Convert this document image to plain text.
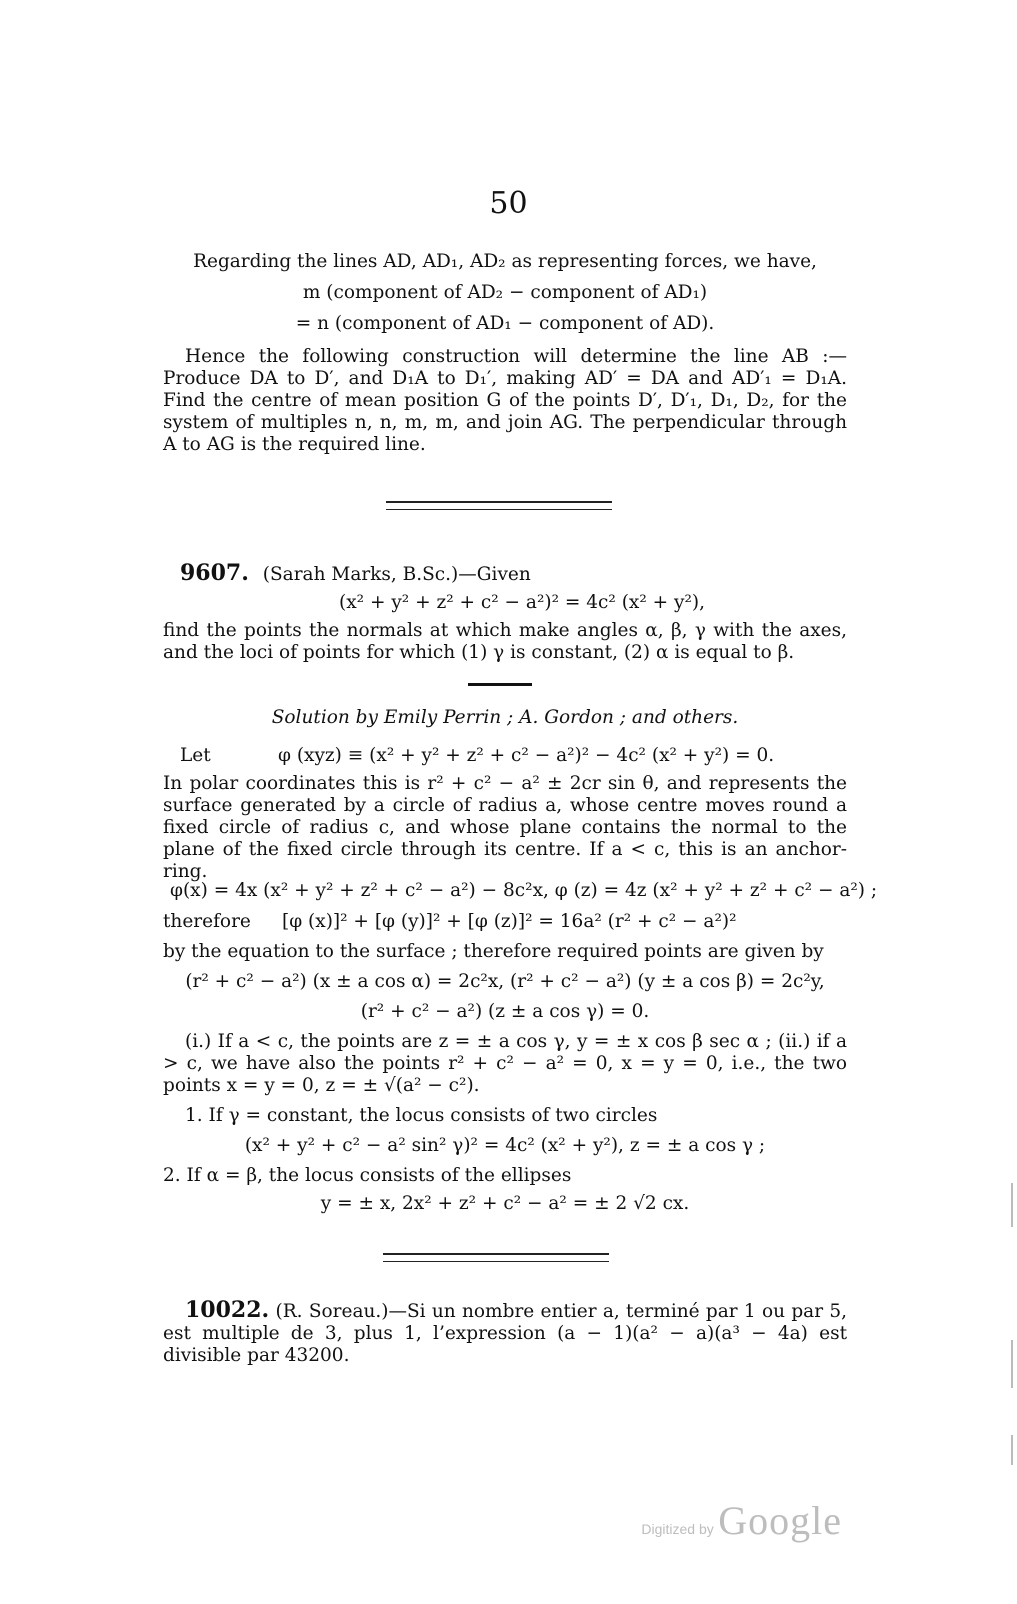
50
Regarding the lines AD, AD₁, AD₂ as representing forces, we have,
m (component of AD₂ − component of AD₁)
= n (component of AD₁ − component of AD).
Hence the following construction will determine the line AB :—Produce DA to D′, and D₁A to D₁′, making AD′ = DA and AD′₁ = D₁A. Find the centre of mean position G of the points D′, D′₁, D₁, D₂, for the system of multiples n, n, m, m, and join AG. The perpendicular through A to AG is the required line.
9607. (Sarah Marks, B.Sc.)—Given
(x² + y² + z² + c² − a²)² = 4c² (x² + y²),
find the points the normals at which make angles α, β, γ with the axes, and the loci of points for which (1) γ is constant, (2) α is equal to β.
Solution by Emily Perrin ; A. Gordon ; and others.
Let	φ (xyz) ≡ (x² + y² + z² + c² − a²)² − 4c² (x² + y²) = 0.
In polar coordinates this is r² + c² − a² ± 2cr sin θ, and represents the surface generated by a circle of radius a, whose centre moves round a fixed circle of radius c, and whose plane contains the normal to the plane of the fixed circle through its centre. If a < c, this is an anchor-ring.
φ(x) = 4x (x² + y² + z² + c² − a²) − 8c²x, φ (z) = 4z (x² + y² + z² + c² − a²) ;
therefore [φ (x)]² + [φ (y)]² + [φ (z)]² = 16a² (r² + c² − a²)²
by the equation to the surface ; therefore required points are given by
(r² + c² − a²) (x ± a cos α) = 2c²x, (r² + c² − a²) (y ± a cos β) = 2c²y,
(r² + c² − a²) (z ± a cos γ) = 0.
(i.) If a < c, the points are z = ± a cos γ, y = ± x cos β sec α ; (ii.) if a > c, we have also the points r² + c² − a² = 0, x = y = 0, i.e., the two points x = y = 0, z = ± √(a² − c²).
1. If γ = constant, the locus consists of two circles
(x² + y² + c² − a² sin² γ)² = 4c² (x² + y²), z = ± a cos γ ;
2. If α = β, the locus consists of the ellipses
y = ± x, 2x² + z² + c² − a² = ± 2 √2 cx.
10022. (R. Soreau.)—Si un nombre entier a, terminé par 1 ou par 5, est multiple de 3, plus 1, l’expression (a − 1)(a² − a)(a³ − 4a) est divisible par 43200.
Digitized by Google
